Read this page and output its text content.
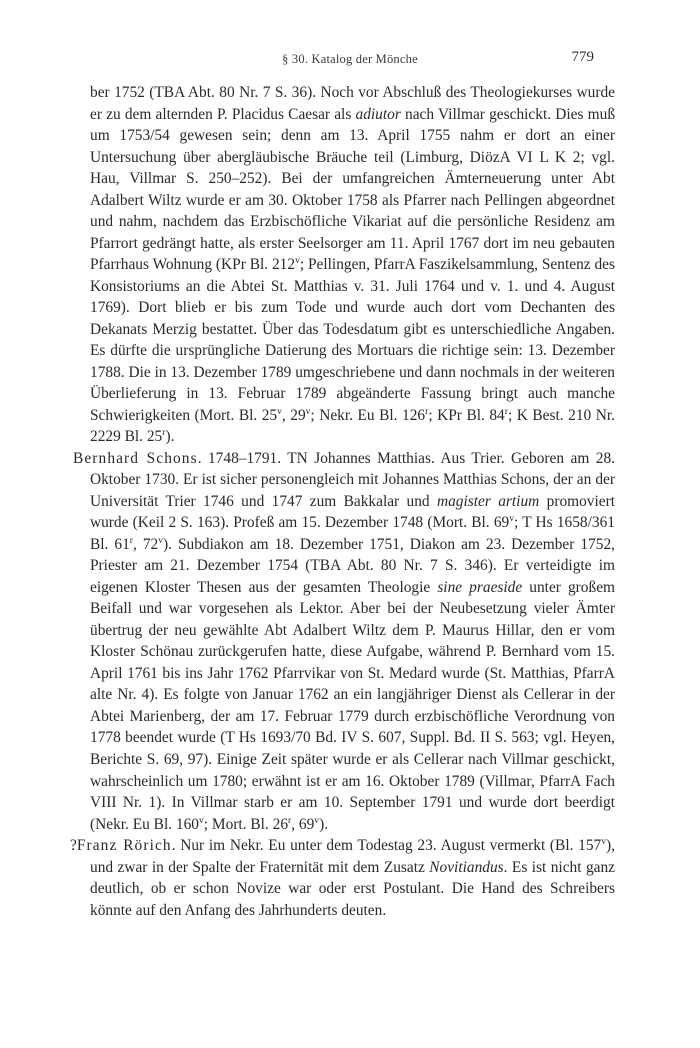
§ 30. Katalog der Mönche	779

ber 1752 (TBA Abt. 80 Nr. 7 S. 36). Noch vor Abschluß des Theologiekurses wurde er zu dem alternden P. Placidus Caesar als adiutor nach Villmar geschickt. Dies muß um 1753/54 gewesen sein; denn am 13. April 1755 nahm er dort an einer Untersuchung über abergläubische Bräuche teil (Limburg, DiözA VI L K 2; vgl. Hau, Villmar S. 250–252). Bei der umfangreichen Ämterneuerung unter Abt Adalbert Wiltz wurde er am 30. Oktober 1758 als Pfarrer nach Pellingen abgeordnet und nahm, nachdem das Erzbischöfliche Vikariat auf die persönliche Residenz am Pfarrort gedrängt hatte, als erster Seelsorger am 11. April 1767 dort im neu gebauten Pfarrhaus Wohnung (KPr Bl. 212$^v$; Pellingen, PfarrA Faszikelsammlung, Sentenz des Konsistoriums an die Abtei St. Matthias v. 31. Juli 1764 und v. 1. und 4. August 1769). Dort blieb er bis zum Tode und wurde auch dort vom Dechanten des Dekanats Merzig bestattet. Über das Todesdatum gibt es unterschiedliche Angaben. Es dürfte die ursprüngliche Datierung des Mortuars die richtige sein: 13. Dezember 1788. Die in 13. Dezember 1789 umgeschriebene und dann nochmals in der weiteren Überlieferung in 13. Februar 1789 abgeänderte Fassung bringt auch manche Schwierigkeiten (Mort. Bl. 25$^v$, 29$^v$; Nekr. Eu Bl. 126$^r$; KPr Bl. 84$^r$; K Best. 210 Nr. 2229 Bl. 25$^r$).

Bernhard Schons. 1748–1791. TN Johannes Matthias. Aus Trier. Geboren am 28. Oktober 1730. Er ist sicher personengleich mit Johannes Matthias Schons, der an der Universität Trier 1746 und 1747 zum Bakkalar und magister artium promoviert wurde (Keil 2 S. 163). Profeß am 15. Dezember 1748 (Mort. Bl. 69$^v$; T Hs 1658/361 Bl. 61$^r$, 72$^v$). Subdiakon am 18. Dezember 1751, Diakon am 23. Dezember 1752, Priester am 21. Dezember 1754 (TBA Abt. 80 Nr. 7 S. 346). Er verteidigte im eigenen Kloster Thesen aus der gesamten Theologie sine praeside unter großem Beifall und war vorgesehen als Lektor. Aber bei der Neubesetzung vieler Ämter übertrug der neu gewählte Abt Adalbert Wiltz dem P. Maurus Hillar, den er vom Kloster Schönau zurückgerufen hatte, diese Aufgabe, während P. Bernhard vom 15. April 1761 bis ins Jahr 1762 Pfarrvikar von St. Medard wurde (St. Matthias, PfarrA alte Nr. 4). Es folgte von Januar 1762 an ein langjähriger Dienst als Cellerar in der Abtei Marienberg, der am 17. Februar 1779 durch erzbischöfliche Verordnung von 1778 beendet wurde (T Hs 1693/70 Bd. IV S. 607, Suppl. Bd. II S. 563; vgl. Heyen, Berichte S. 69, 97). Einige Zeit später wurde er als Cellerar nach Villmar geschickt, wahrscheinlich um 1780; erwähnt ist er am 16. Oktober 1789 (Villmar, PfarrA Fach VIII Nr. 1). In Villmar starb er am 10. September 1791 und wurde dort beerdigt (Nekr. Eu Bl. 160$^v$; Mort. Bl. 26$^r$, 69$^v$).

?Franz Rörich. Nur im Nekr. Eu unter dem Todestag 23. August vermerkt (Bl. 157$^v$), und zwar in der Spalte der Fraternität mit dem Zusatz Novitiandus. Es ist nicht ganz deutlich, ob er schon Novize war oder erst Postulant. Die Hand des Schreibers könnte auf den Anfang des Jahrhunderts deuten.
